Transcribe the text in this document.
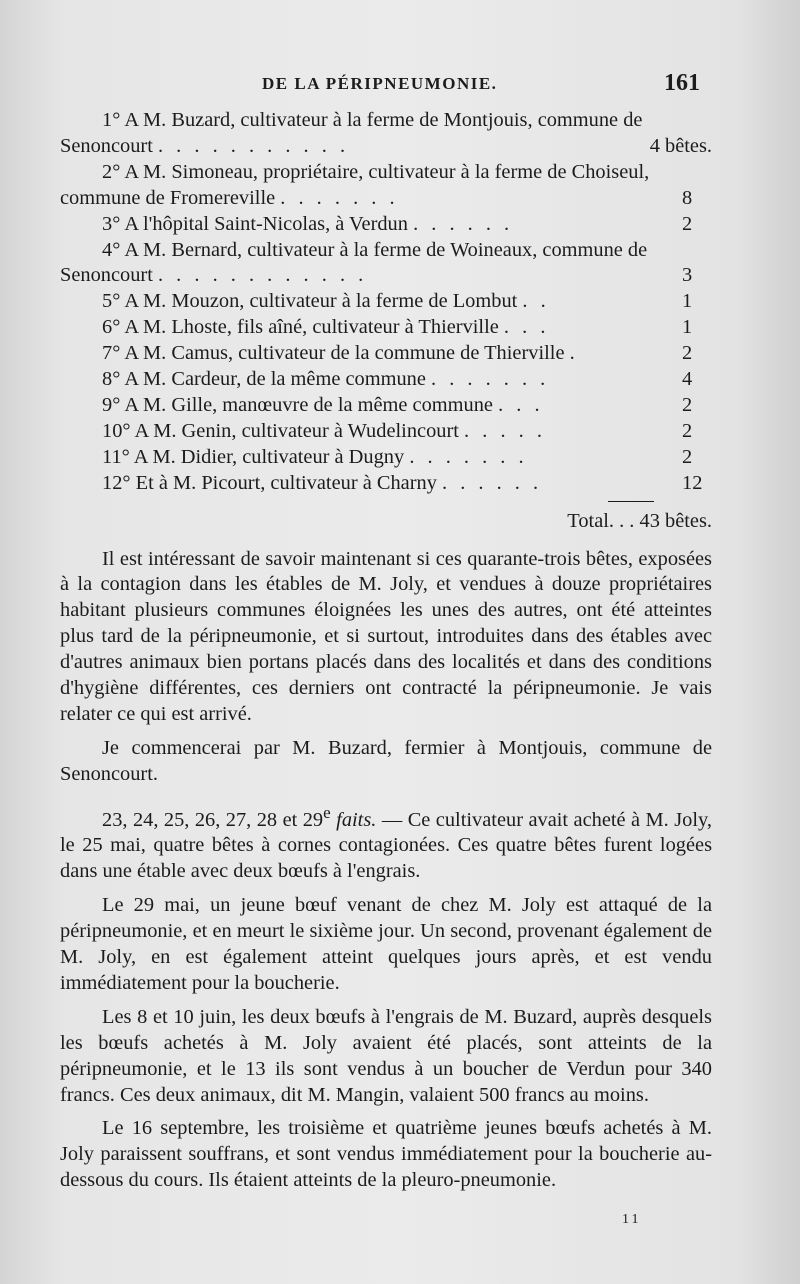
DE LA PÉRIPNEUMONIE.	161
1° A M. Buzard, cultivateur à la ferme de Montjouis, commune de Senoncourt . . . . . . . . . . .	4 bêtes.
2° A M. Simoneau, propriétaire, cultivateur à la ferme de Choiseul, commune de Fromereville . . . . . . .	8
3° A l'hôpital Saint-Nicolas, à Verdun . . . . . .	2
4° A M. Bernard, cultivateur à la ferme de Woineaux, commune de Senoncourt . . . . . . . . . . . .	3
5° A M. Mouzon, cultivateur à la ferme de Lombut . .	1
6° A M. Lhoste, fils aîné, cultivateur à Thierville . . .	1
7° A M. Camus, cultivateur de la commune de Thierville .	2
8° A M. Cardeur, de la même commune . . . . . . .	4
9° A M. Gille, manœuvre de la même commune . . .	2
10° A M. Genin, cultivateur à Wudelincourt . . . . .	2
11° A M. Didier, cultivateur à Dugny . . . . . . .	2
12° Et à M. Picourt, cultivateur à Charny . . . . . .	12
Total. . . 43 bêtes.

Il est intéressant de savoir maintenant si ces quarante-trois bêtes, exposées à la contagion dans les étables de M. Joly, et vendues à douze propriétaires habitant plusieurs communes éloignées les unes des autres, ont été atteintes plus tard de la péripneumonie, et si surtout, introduites dans des étables avec d'autres animaux bien portans placés dans des localités et dans des conditions d'hygiène différentes, ces derniers ont contracté la péripneumonie. Je vais relater ce qui est arrivé.

Je commencerai par M. Buzard, fermier à Montjouis, commune de Senoncourt.

23, 24, 25, 26, 27, 28 et 29e faits. — Ce cultivateur avait acheté à M. Joly, le 25 mai, quatre bêtes à cornes contagionées. Ces quatre bêtes furent logées dans une étable avec deux bœufs à l'engrais.

Le 29 mai, un jeune bœuf venant de chez M. Joly est attaqué de la péripneumonie, et en meurt le sixième jour. Un second, provenant également de M. Joly, en est également atteint quelques jours après, et est vendu immédiatement pour la boucherie.

Les 8 et 10 juin, les deux bœufs à l'engrais de M. Buzard, auprès desquels les bœufs achetés à M. Joly avaient été placés, sont atteints de la péripneumonie, et le 13 ils sont vendus à un boucher de Verdun pour 340 francs. Ces deux animaux, dit M. Mangin, valaient 500 francs au moins.

Le 16 septembre, les troisième et quatrième jeunes bœufs achetés à M. Joly paraissent souffrans, et sont vendus immédiatement pour la boucherie au-dessous du cours. Ils étaient atteints de la pleuro-pneumonie.

11
